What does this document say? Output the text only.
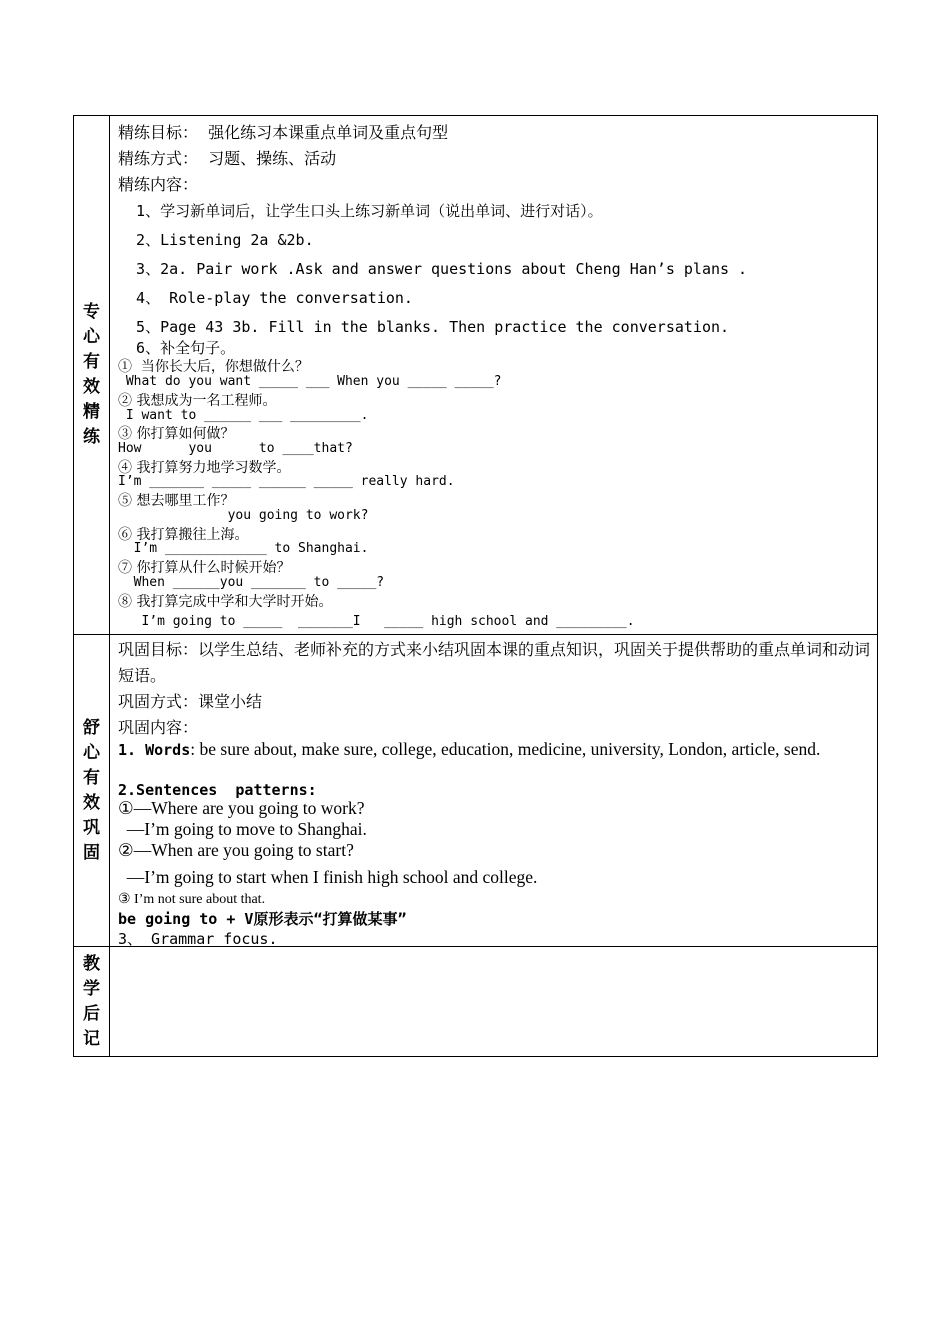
专
心
有
效
精
练
精练目标：  强化练习本课重点单词及重点句型
精练方式：  习题、操练、活动
精练内容：
1、学习新单词后，让学生口头上练习新单词（说出单词、进行对话）。
2、Listening 2a &2b.
3、2a. Pair work .Ask and answer questions about Cheng Han’s plans .
4、 Role-play the conversation.
5、Page 43 3b. Fill in the blanks. Then practice the conversation.
6、补全句子。
①  当你长大后，你想做什么？
What do you want _____ ___ When you _____ _____?
② 我想成为一名工程师。
I want to ______ ___ _________.
③ 你打算如何做？
How      you      to ____that?
④ 我打算努力地学习数学。
I’m _______ _____ ______ _____ really hard.
⑤ 想去哪里工作？
you going to work?
⑥ 我打算搬往上海。
I’m _____________ to Shanghai.
⑦ 你打算从什么时候开始？
When ______you _______ to _____?
⑧ 我打算完成中学和大学时开始。
I’m going to _____  _______I   _____ high school and _________.
舒
心
有
效
巩
固
巩固目标：以学生总结、老师补充的方式来小结巩固本课的重点知识，巩固关于提供帮助的重点单词和动词短语。
巩固方式：课堂小结
巩固内容：
1. Words: be sure about, make sure, college, education, medicine, university, London, article, send.
2.Sentences  patterns:
①—Where are you going to work?
—I’m going to move to Shanghai.
②—When are you going to start?
—I’m going to start when I finish high school and college.
③ I’m not sure about that.
be going to + V原形表示“打算做某事”
3、 Grammar focus.
教
学
后
记
